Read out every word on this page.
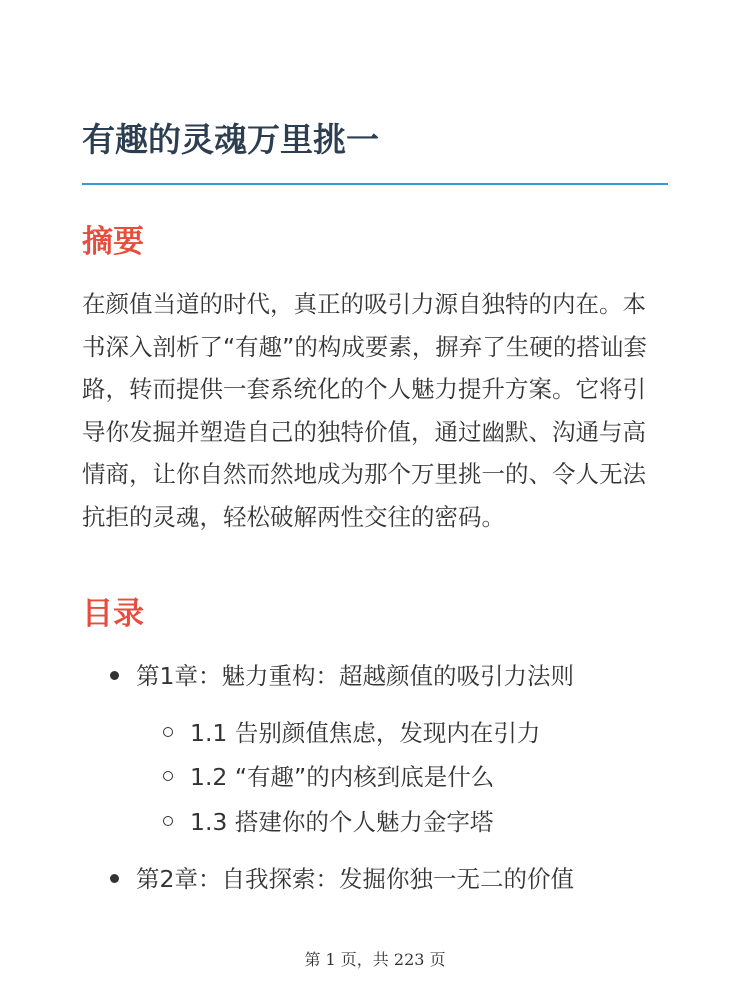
有趣的灵魂万里挑一
摘要

在颜值当道的时代，真正的吸引力源自独特的内在。本书深入剖析了“有趣”的构成要素，摒弃了生硬的搭讪套路，转而提供一套系统化的个人魅力提升方案。它将引导你发掘并塑造自己的独特价值，通过幽默、沟通与高情商，让你自然而然地成为那个万里挑一的、令人无法抗拒的灵魂，轻松破解两性交往的密码。

目录
第1章：魅力重构：超越颜值的吸引力法则
1.1 告别颜值焦虑，发现内在引力
1.2 “有趣”的内核到底是什么
1.3 搭建你的个人魅力金字塔
第2章：自我探索：发掘你独一无二的价值
第 1 页，共 223 页
